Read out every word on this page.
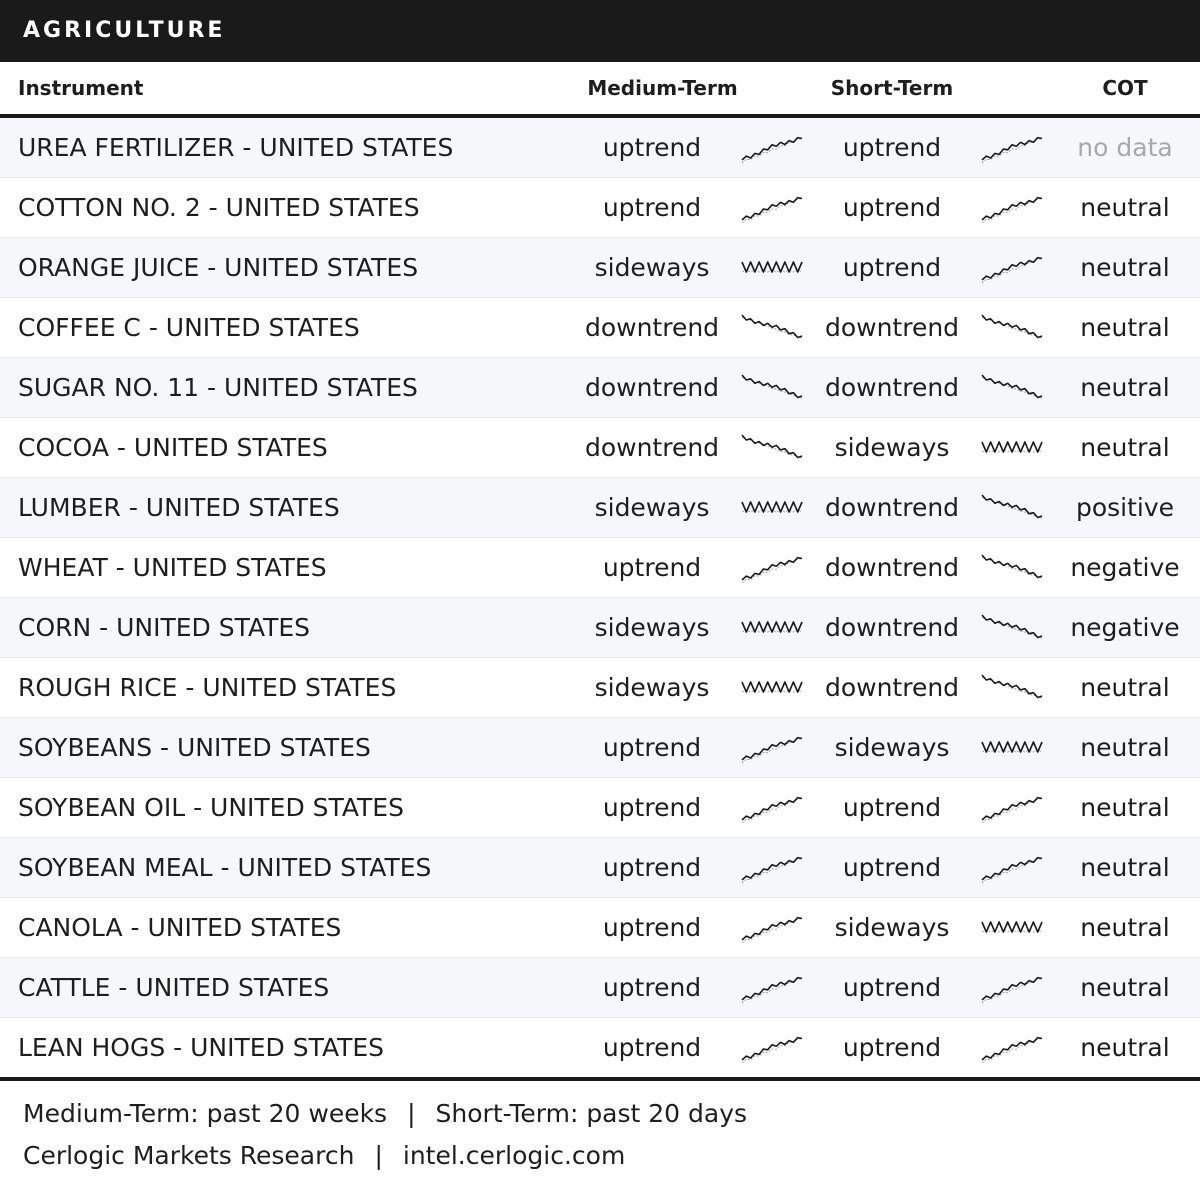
AGRICULTURE
Instrument	Medium-Term	Short-Term	COT
UREA FERTILIZER - UNITED STATES	uptrend	uptrend	no data
COTTON NO. 2 - UNITED STATES	uptrend	uptrend	neutral
ORANGE JUICE - UNITED STATES	sideways	uptrend	neutral
COFFEE C - UNITED STATES	downtrend	downtrend	neutral
SUGAR NO. 11 - UNITED STATES	downtrend	downtrend	neutral
COCOA - UNITED STATES	downtrend	sideways	neutral
LUMBER - UNITED STATES	sideways	downtrend	positive
WHEAT - UNITED STATES	uptrend	downtrend	negative
CORN - UNITED STATES	sideways	downtrend	negative
ROUGH RICE - UNITED STATES	sideways	downtrend	neutral
SOYBEANS - UNITED STATES	uptrend	sideways	neutral
SOYBEAN OIL - UNITED STATES	uptrend	uptrend	neutral
SOYBEAN MEAL - UNITED STATES	uptrend	uptrend	neutral
CANOLA - UNITED STATES	uptrend	sideways	neutral
CATTLE - UNITED STATES	uptrend	uptrend	neutral
LEAN HOGS - UNITED STATES	uptrend	uptrend	neutral
Medium-Term: past 20 weeks | Short-Term: past 20 days
Cerlogic Markets Research | intel.cerlogic.com
